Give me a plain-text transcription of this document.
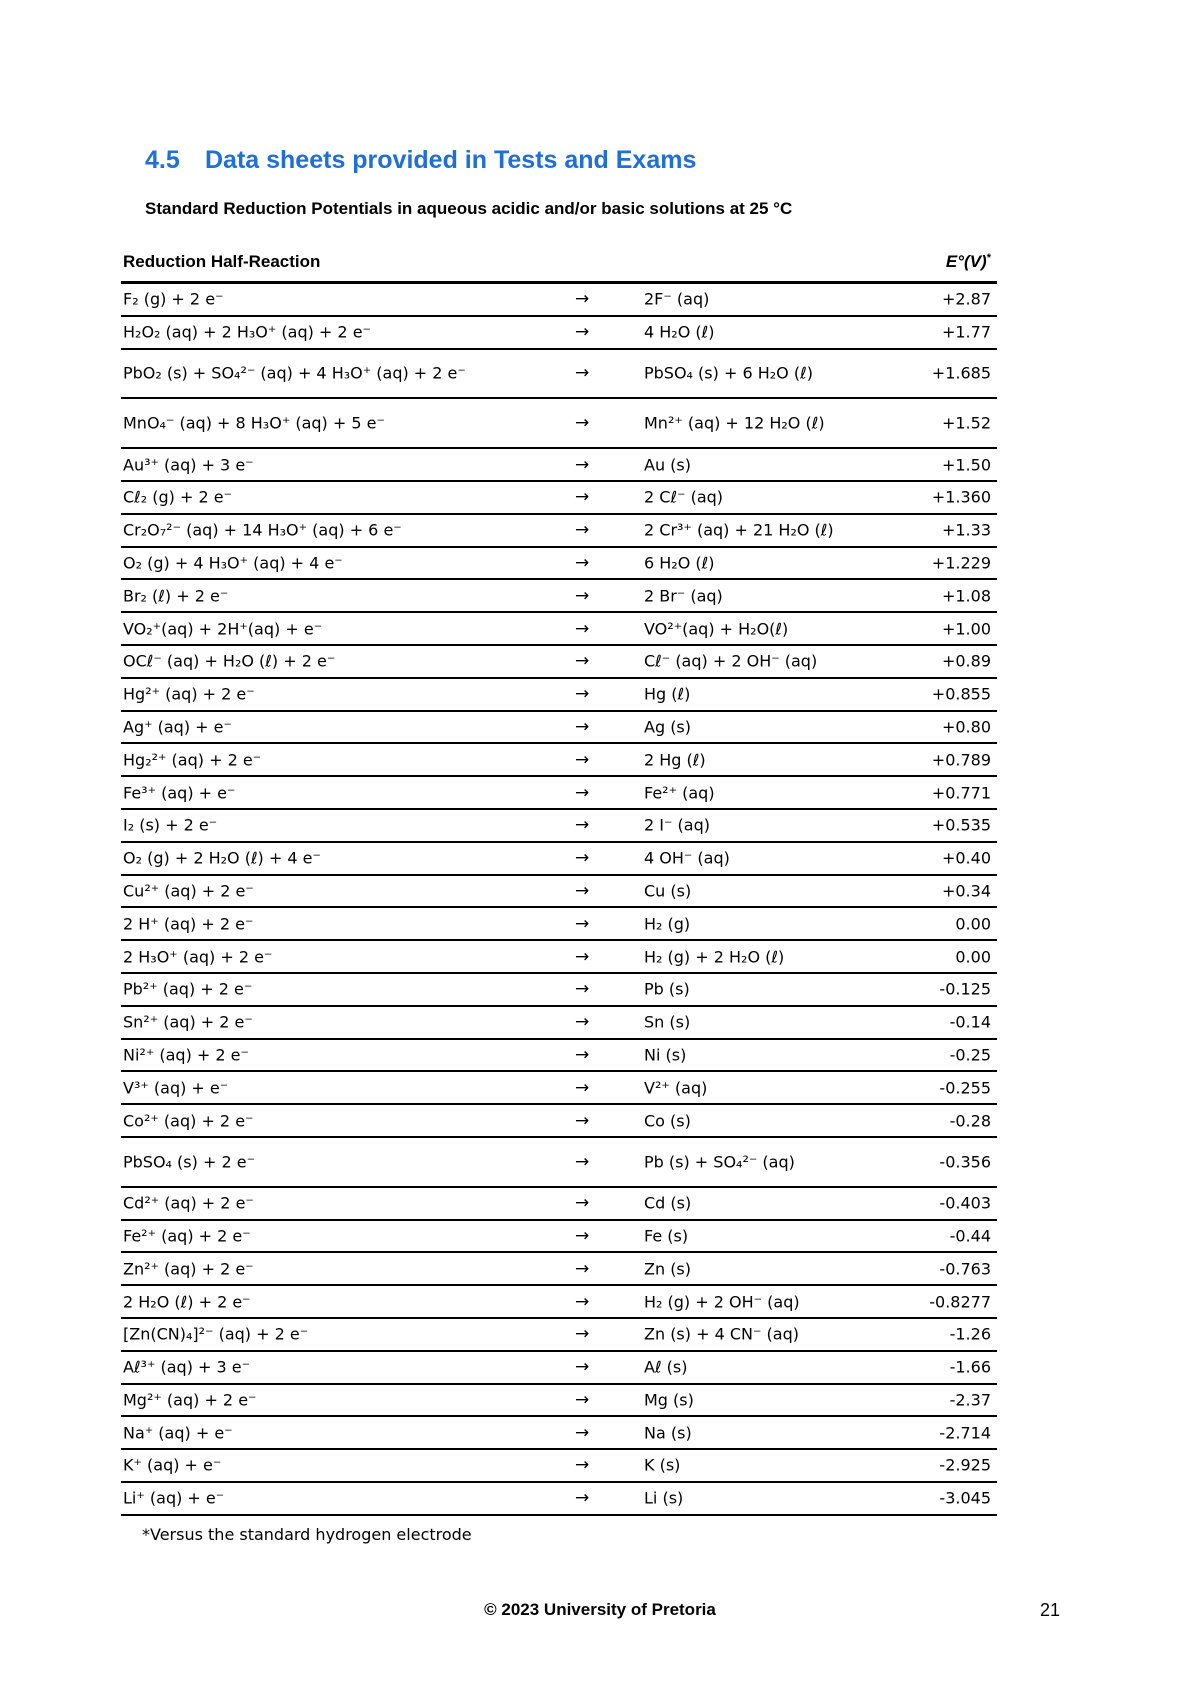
4.5 Data sheets provided in Tests and Exams
Standard Reduction Potentials in aqueous acidic and/or basic solutions at 25 °C
Reduction Half-Reaction	E°(V)*
F₂ (g) + 2 e⁻	→	2F⁻ (aq)	+2.87
H₂O₂ (aq) + 2 H₃O⁺ (aq) + 2 e⁻	→	4 H₂O (ℓ)	+1.77
PbO₂ (s) + SO₄²⁻ (aq) + 4 H₃O⁺ (aq) + 2 e⁻	→	PbSO₄ (s) + 6 H₂O (ℓ)	+1.685
MnO₄⁻ (aq) + 8 H₃O⁺ (aq) + 5 e⁻	→	Mn²⁺ (aq) + 12 H₂O (ℓ)	+1.52
Au³⁺ (aq) + 3 e⁻	→	Au (s)	+1.50
Cℓ₂ (g) + 2 e⁻	→	2 Cℓ⁻ (aq)	+1.360
Cr₂O₇²⁻ (aq) + 14 H₃O⁺ (aq) + 6 e⁻	→	2 Cr³⁺ (aq) + 21 H₂O (ℓ)	+1.33
O₂ (g) + 4 H₃O⁺ (aq) + 4 e⁻	→	6 H₂O (ℓ)	+1.229
Br₂ (ℓ) + 2 e⁻	→	2 Br⁻ (aq)	+1.08
VO₂⁺(aq) + 2H⁺(aq) + e⁻	→	VO²⁺(aq) + H₂O(ℓ)	+1.00
OCℓ⁻ (aq) + H₂O (ℓ) + 2 e⁻	→	Cℓ⁻ (aq) + 2 OH⁻ (aq)	+0.89
Hg²⁺ (aq) + 2 e⁻	→	Hg (ℓ)	+0.855
Ag⁺ (aq) + e⁻	→	Ag (s)	+0.80
Hg₂²⁺ (aq) + 2 e⁻	→	2 Hg (ℓ)	+0.789
Fe³⁺ (aq) + e⁻	→	Fe²⁺ (aq)	+0.771
I₂ (s) + 2 e⁻	→	2 I⁻ (aq)	+0.535
O₂ (g) + 2 H₂O (ℓ) + 4 e⁻	→	4 OH⁻ (aq)	+0.40
Cu²⁺ (aq) + 2 e⁻	→	Cu (s)	+0.34
2 H⁺ (aq) + 2 e⁻	→	H₂ (g)	0.00
2 H₃O⁺ (aq) + 2 e⁻	→	H₂ (g) + 2 H₂O (ℓ)	0.00
Pb²⁺ (aq) + 2 e⁻	→	Pb (s)	-0.125
Sn²⁺ (aq) + 2 e⁻	→	Sn (s)	-0.14
Ni²⁺ (aq) + 2 e⁻	→	Ni (s)	-0.25
V³⁺ (aq) + e⁻	→	V²⁺ (aq)	-0.255
Co²⁺ (aq) + 2 e⁻	→	Co (s)	-0.28
PbSO₄ (s) + 2 e⁻	→	Pb (s) + SO₄²⁻ (aq)	-0.356
Cd²⁺ (aq) + 2 e⁻	→	Cd (s)	-0.403
Fe²⁺ (aq) + 2 e⁻	→	Fe (s)	-0.44
Zn²⁺ (aq) + 2 e⁻	→	Zn (s)	-0.763
2 H₂O (ℓ) + 2 e⁻	→	H₂ (g) + 2 OH⁻ (aq)	-0.8277
[Zn(CN)₄]²⁻ (aq) + 2 e⁻	→	Zn (s) + 4 CN⁻ (aq)	-1.26
Aℓ³⁺ (aq) + 3 e⁻	→	Aℓ (s)	-1.66
Mg²⁺ (aq) + 2 e⁻	→	Mg (s)	-2.37
Na⁺ (aq) + e⁻	→	Na (s)	-2.714
K⁺ (aq) + e⁻	→	K (s)	-2.925
Li⁺ (aq) + e⁻	→	Li (s)	-3.045
*Versus the standard hydrogen electrode
© 2023 University of Pretoria	21
